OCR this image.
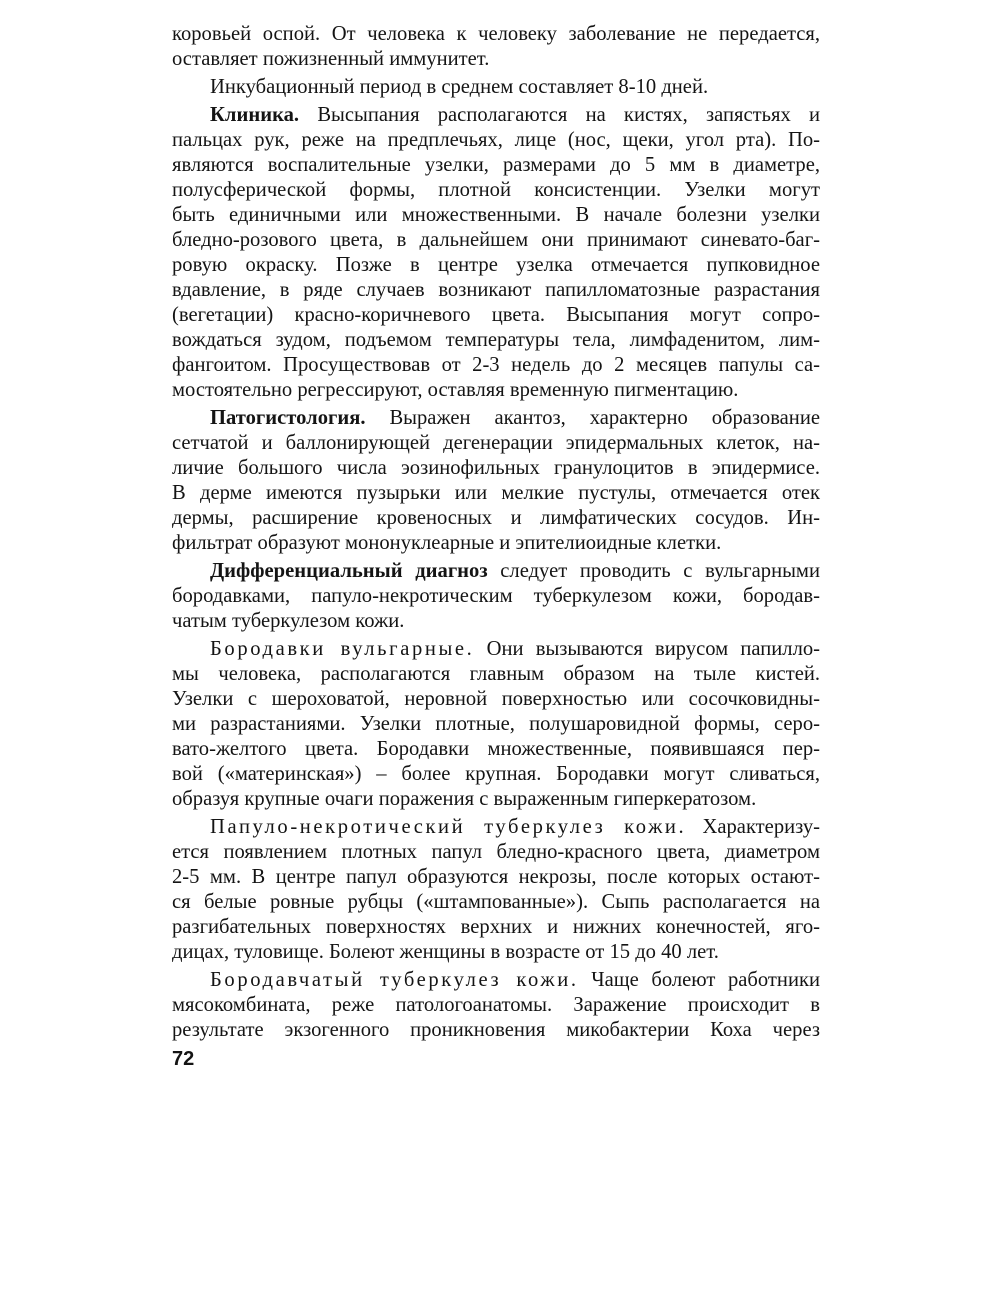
коровьей оспой. От человека к человеку заболевание не передается,
оставляет пожизненный иммунитет.
Инкубационный период в среднем составляет 8-10 дней.
Клиника. Высыпания располагаются на кистях, запястьях и
пальцах рук, реже на предплечьях, лице (нос, щеки, угол рта). По-
являются воспалительные узелки, размерами до 5 мм в диаметре,
полусферической формы, плотной консистенции. Узелки могут
быть единичными или множественными. В начале болезни узелки
бледно-розового цвета, в дальнейшем они принимают синевато-баг-
ровую окраску. Позже в центре узелка отмечается пупковидное
вдавление, в ряде случаев возникают папилломатозные разрастания
(вегетации) красно-коричневого цвета. Высыпания могут сопро-
вождаться зудом, подъемом температуры тела, лимфаденитом, лим-
фангоитом. Просуществовав от 2-3 недель до 2 месяцев папулы са-
мостоятельно регрессируют, оставляя временную пигментацию.
Патогистология. Выражен акантоз, характерно образование
сетчатой и баллонирующей дегенерации эпидермальных клеток, на-
личие большого числа эозинофильных гранулоцитов в эпидермисе.
В дерме имеются пузырьки или мелкие пустулы, отмечается отек
дермы, расширение кровеносных и лимфатических сосудов. Ин-
фильтрат образуют мононуклеарные и эпителиоидные клетки.
Дифференциальный диагноз следует проводить с вульгарными
бородавками, папуло-некротическим туберкулезом кожи, бородав-
чатым туберкулезом кожи.
Бородавки вульгарные. Они вызываются вирусом папилло-
мы человека, располагаются главным образом на тыле кистей.
Узелки с шероховатой, неровной поверхностью или сосочковидны-
ми разрастаниями. Узелки плотные, полушаровидной формы, серо-
вато-желтого цвета. Бородавки множественные, появившаяся пер-
вой («материнская») – более крупная. Бородавки могут сливаться,
образуя крупные очаги поражения с выраженным гиперкератозом.
Папуло-некротический туберкулез кожи. Характеризу-
ется появлением плотных папул бледно-красного цвета, диаметром
2-5 мм. В центре папул образуются некрозы, после которых остают-
ся белые ровные рубцы («штампованные»). Сыпь располагается на
разгибательных поверхностях верхних и нижних конечностей, яго-
дицах, туловище. Болеют женщины в возрасте от 15 до 40 лет.
Бородавчатый туберкулез кожи. Чаще болеют работники
мясокомбината, реже патологоанатомы. Заражение происходит в
результате экзогенного проникновения микобактерии Коха через
72
